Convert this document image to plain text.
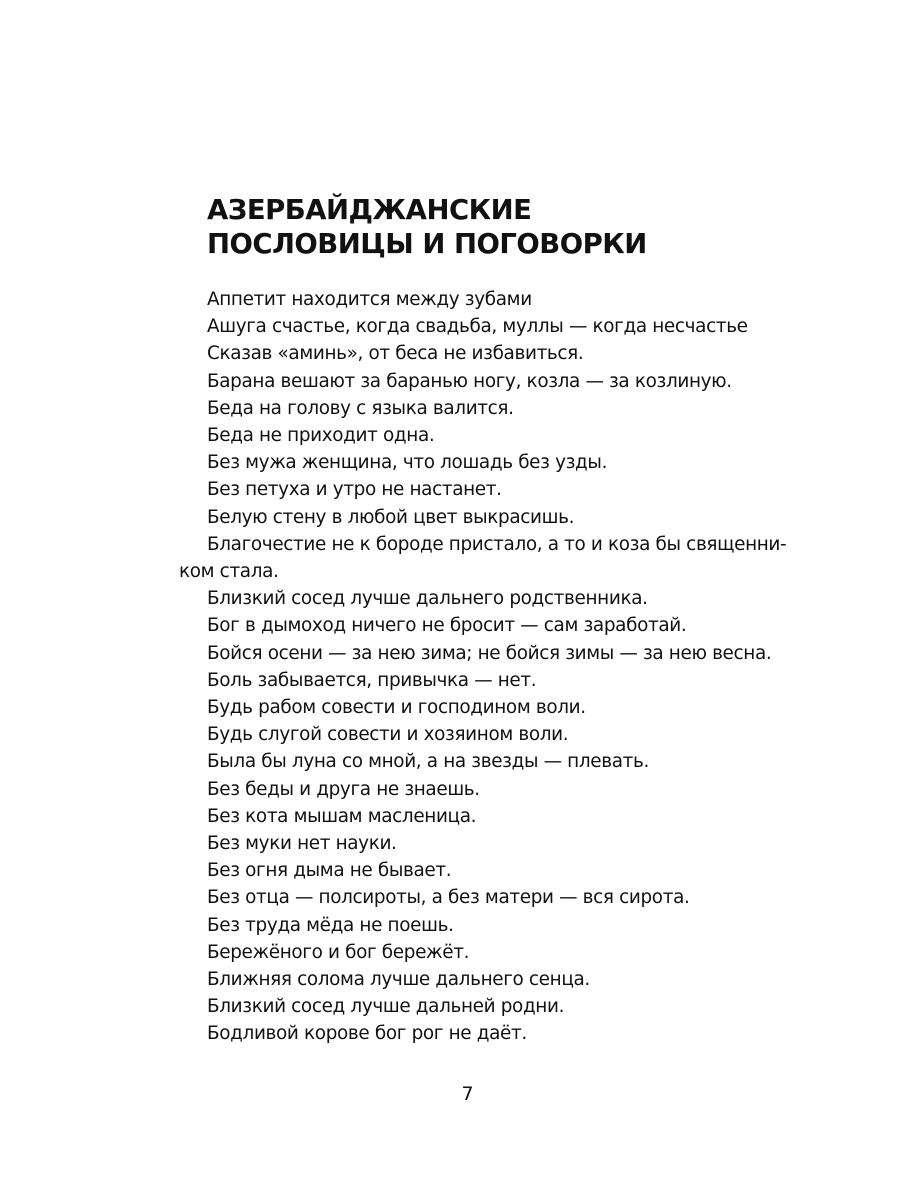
АЗЕРБАЙДЖАНСКИЕ
ПОСЛОВИЦЫ И ПОГОВОРКИ

Аппетит находится между зубами

Ашуга счастье, когда свадьба, муллы — когда несчастье

Сказав «аминь», от беса не избавиться.

Барана вешают за баранью ногу, козла — за козлиную.

Беда на голову с языка валится.

Беда не приходит одна.

Без мужа женщина, что лошадь без узды.

Без петуха и утро не настанет.

Белую стену в любой цвет выкрасишь.

Благочестие не к бороде пристало, а то и коза бы священни-
ком стала.

Близкий сосед лучше дальнего родственника.

Бог в дымоход ничего не бросит — сам заработай.

Бойся осени — за нею зима; не бойся зимы — за нею весна.

Боль забывается, привычка — нет.

Будь рабом совести и господином воли.

Будь слугой совести и хозяином воли.

Была бы луна со мной, а на звезды — плевать.

Без беды и друга не знаешь.

Без кота мышам масленица.

Без муки нет науки.

Без огня дыма не бывает.

Без отца — полсироты, а без матери — вся сирота.

Без труда мёда не поешь.

Бережёного и бог бережёт.

Ближняя солома лучше дальнего сенца.

Близкий сосед лучше дальней родни.

Бодливой корове бог рог не даёт.

7
